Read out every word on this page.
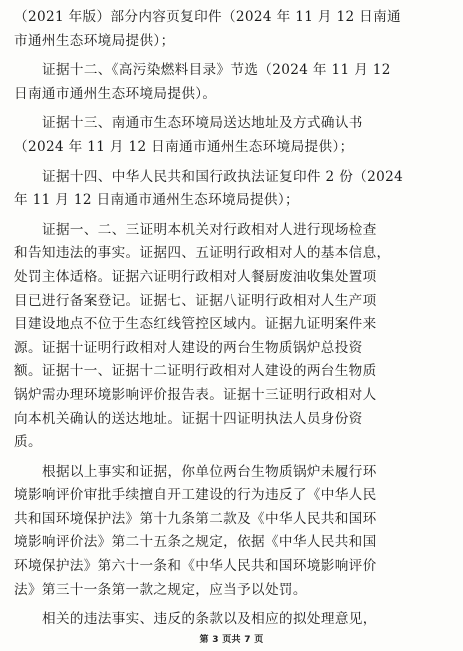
（2021 年版）部分内容页复印件（2024 年 11 月 12 日南通
市通州生态环境局提供）；
证据十二、《高污染燃料目录》节选（2024 年 11 月 12
日南通市通州生态环境局提供）。
证据十三、南通市生态环境局送达地址及方式确认书
（2024 年 11 月 12 日南通市通州生态环境局提供）；
证据十四、中华人民共和国行政执法证复印件 2 份（2024
年 11 月 12 日南通市通州生态环境局提供）；
证据一、二、三证明本机关对行政相对人进行现场检查
和告知违法的事实。证据四、五证明行政相对人的基本信息，
处罚主体适格。证据六证明行政相对人餐厨废油收集处置项
目已进行备案登记。证据七、证据八证明行政相对人生产项
目建设地点不位于生态红线管控区域内。证据九证明案件来
源。证据十证明行政相对人建设的两台生物质锅炉总投资
额。证据十一、证据十二证明行政相对人建设的两台生物质
锅炉需办理环境影响评价报告表。证据十三证明行政相对人
向本机关确认的送达地址。证据十四证明执法人员身份资
质。
根据以上事实和证据，你单位两台生物质锅炉未履行环
境影响评价审批手续擅自开工建设的行为违反了《中华人民
共和国环境保护法》第十九条第二款及《中华人民共和国环
境影响评价法》第二十五条之规定，依据《中华人民共和国
环境保护法》第六十一条和《中华人民共和国环境影响评价
法》第三十一条第一款之规定，应当予以处罚。
相关的违法事实、违反的条款以及相应的拟处理意见，
第 3 页共 7 页
